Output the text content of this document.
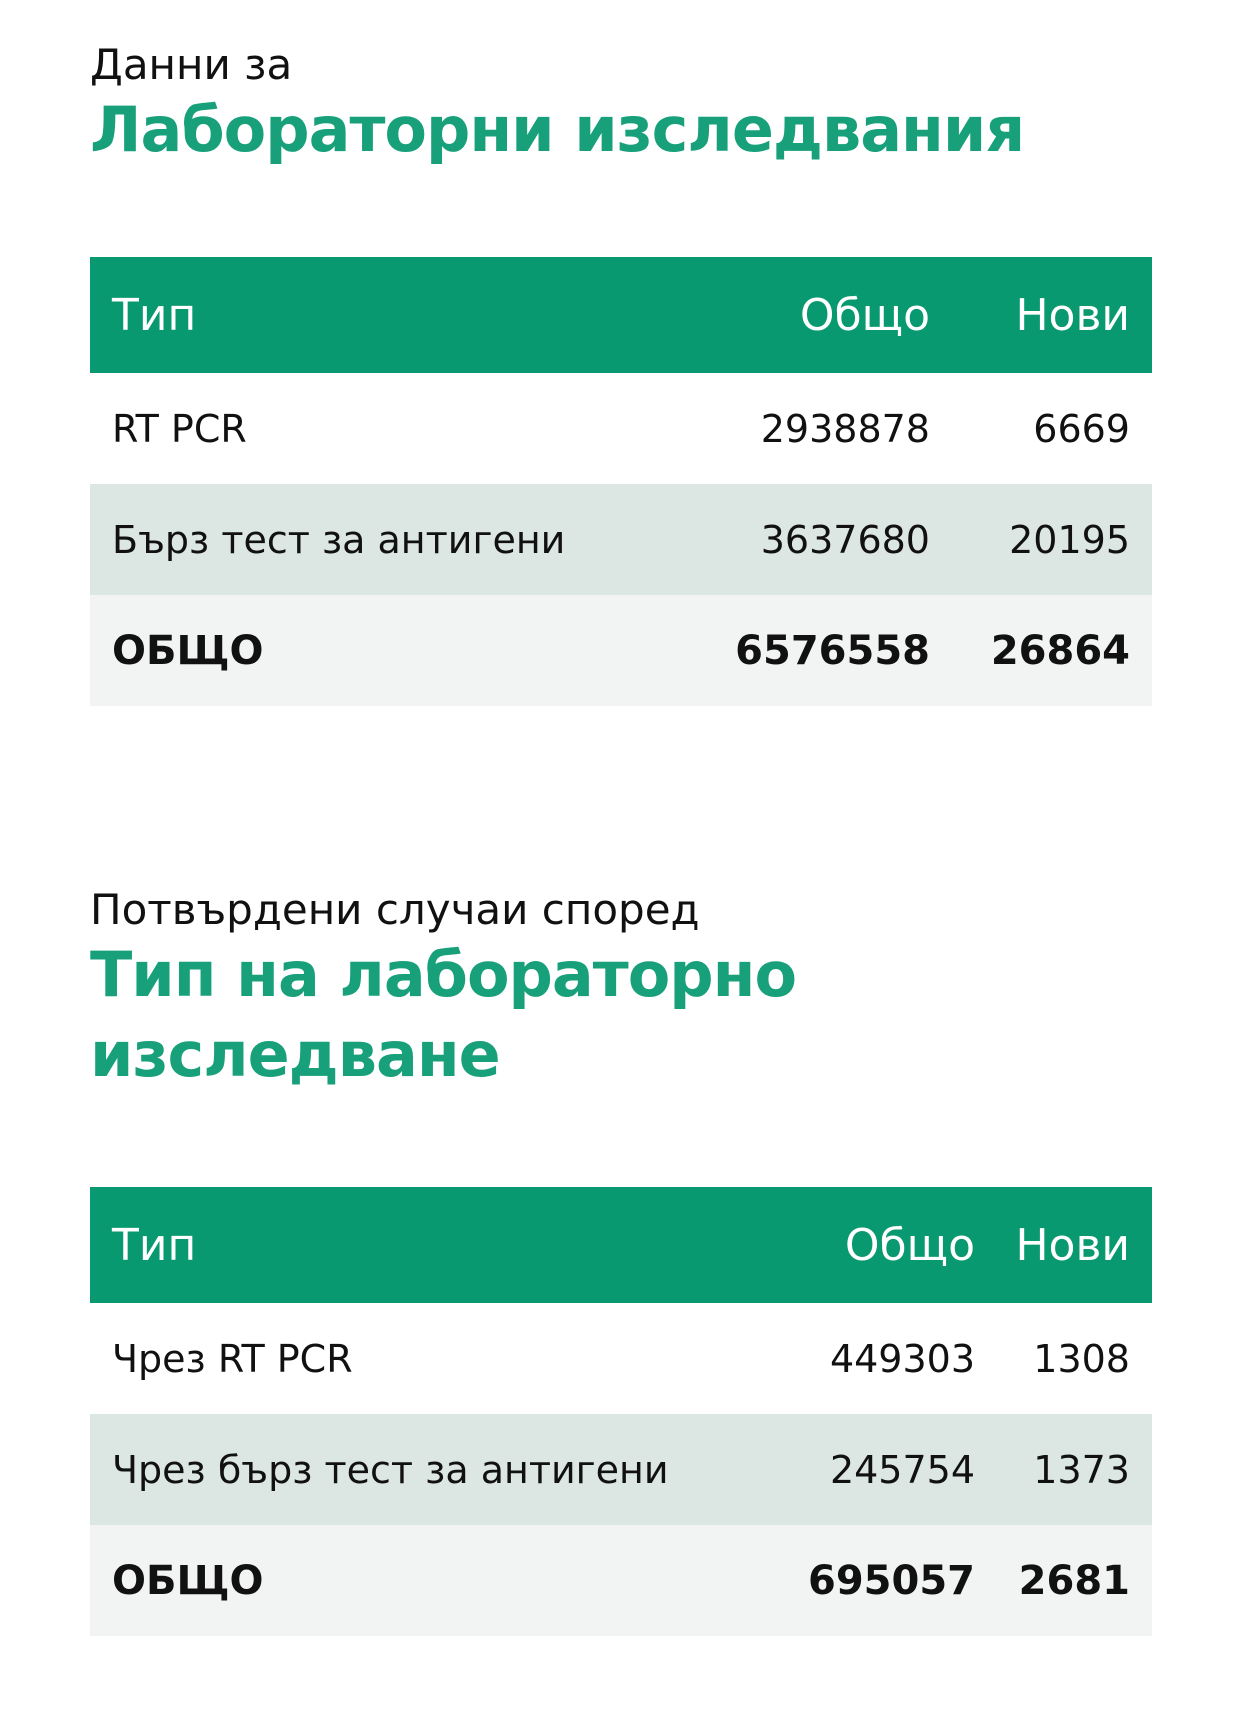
Данни за

Лабораторни изследвания

Тип	Общо	Нови
RT PCR	2938878	6669
Бърз тест за антигени	3637680	20195
ОБЩО	6576558	26864

Потвърдени случаи според

Тип на лабораторно

изследване

Тип	Общо	Нови
Чрез RT PCR	449303	1308
Чрез бърз тест за антигени	245754	1373
ОБЩО	695057	2681
